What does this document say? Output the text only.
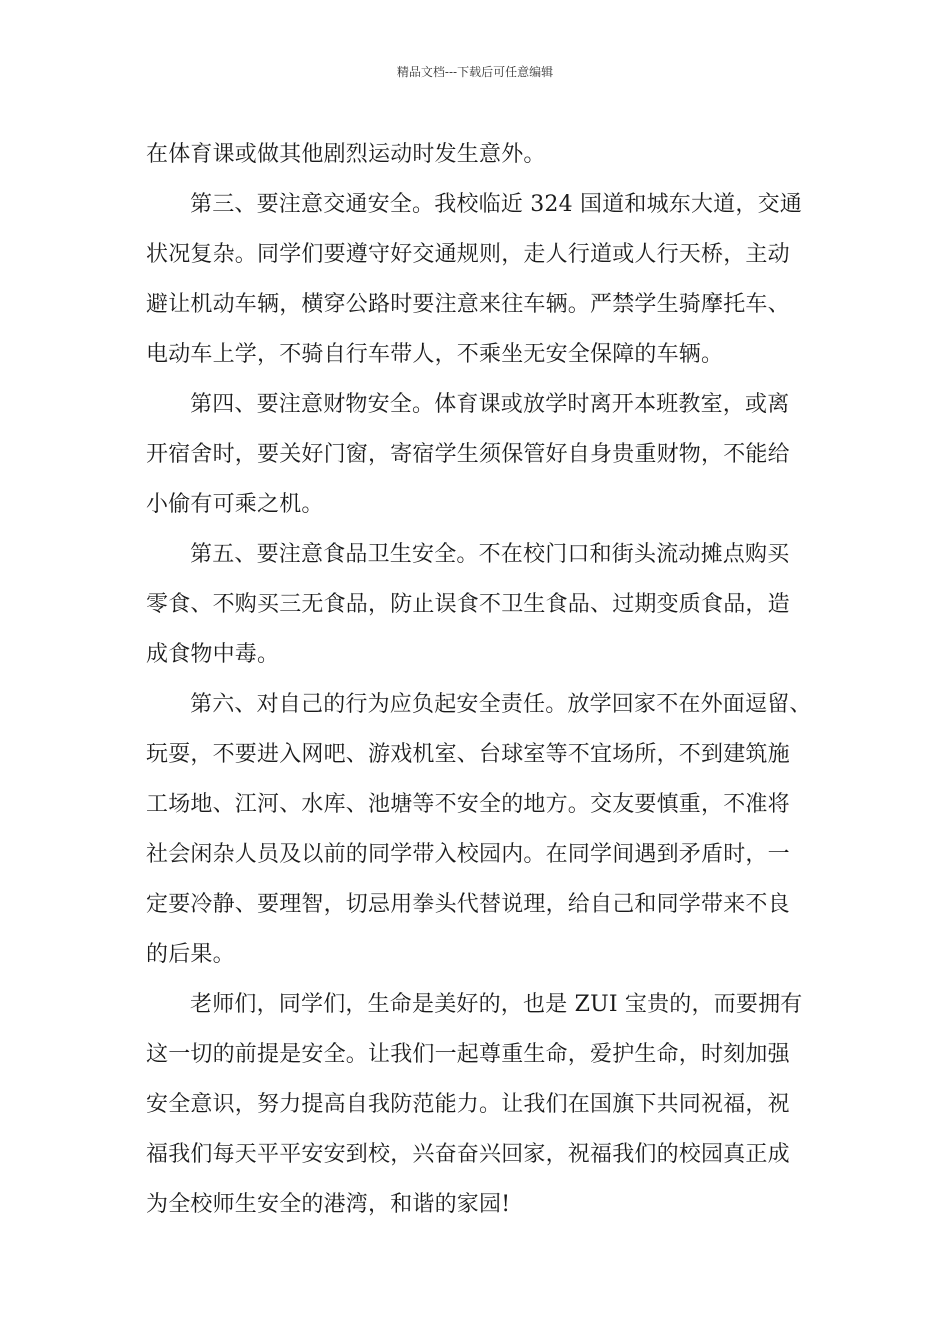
精品文档---下载后可任意编辑
在体育课或做其他剧烈运动时发生意外。
第三、要注意交通安全。我校临近 324 国道和城东大道，交通
状况复杂。同学们要遵守好交通规则，走人行道或人行天桥，主动
避让机动车辆，横穿公路时要注意来往车辆。严禁学生骑摩托车、
电动车上学，不骑自行车带人，不乘坐无安全保障的车辆。
第四、要注意财物安全。体育课或放学时离开本班教室，或离
开宿舍时，要关好门窗，寄宿学生须保管好自身贵重财物，不能给
小偷有可乘之机。
第五、要注意食品卫生安全。不在校门口和街头流动摊点购买
零食、不购买三无食品，防止误食不卫生食品、过期变质食品，造
成食物中毒。
第六、对自己的行为应负起安全责任。放学回家不在外面逗留、
玩耍，不要进入网吧、游戏机室、台球室等不宜场所，不到建筑施
工场地、江河、水库、池塘等不安全的地方。交友要慎重，不准将
社会闲杂人员及以前的同学带入校园内。在同学间遇到矛盾时，一
定要冷静、要理智，切忌用拳头代替说理，给自己和同学带来不良
的后果。
老师们，同学们，生命是美好的，也是 ZUI 宝贵的，而要拥有
这一切的前提是安全。让我们一起尊重生命，爱护生命，时刻加强
安全意识，努力提高自我防范能力。让我们在国旗下共同祝福，祝
福我们每天平平安安到校，兴奋奋兴回家，祝福我们的校园真正成
为全校师生安全的港湾，和谐的家园!
